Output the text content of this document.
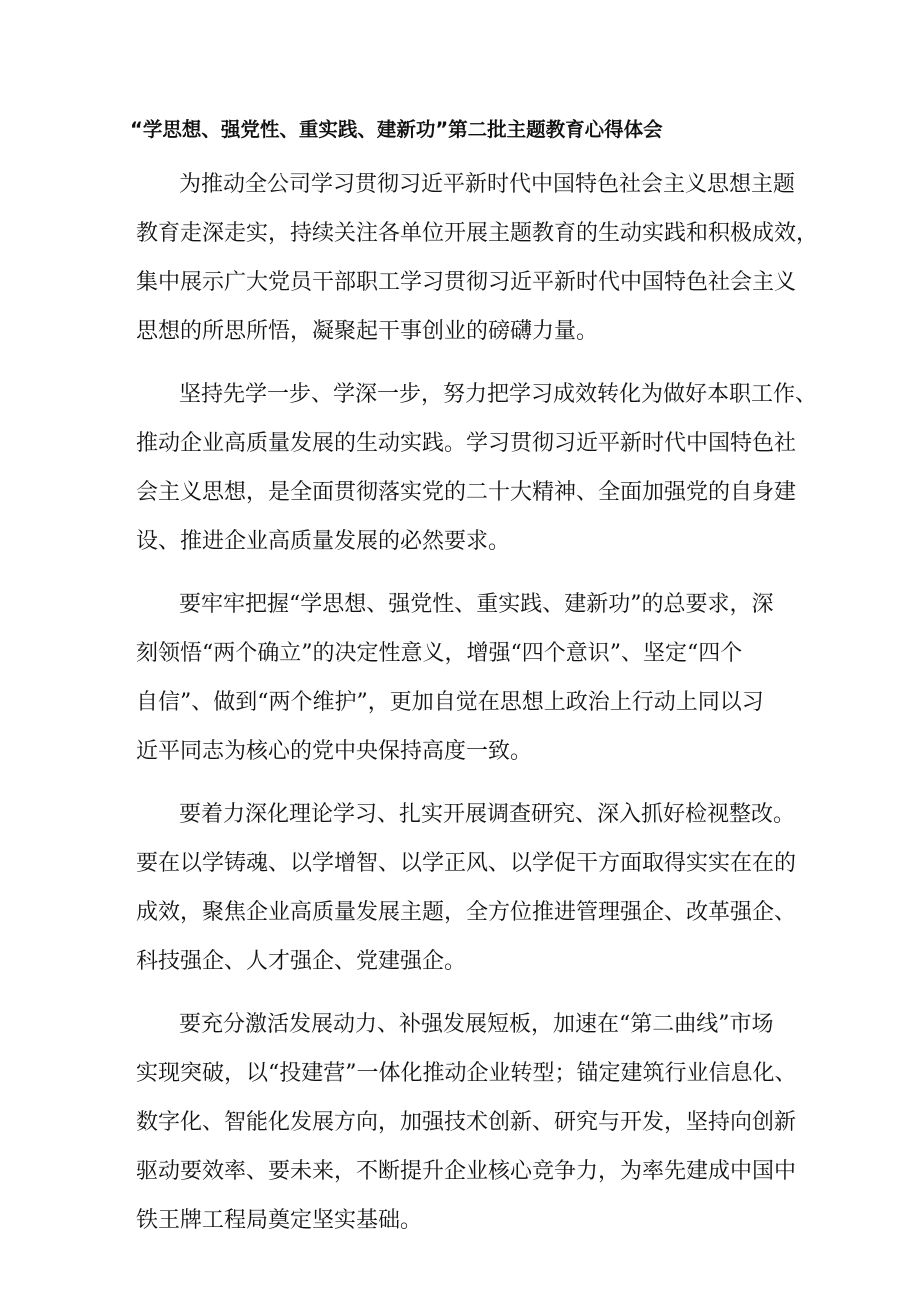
“学思想、强党性、重实践、建新功”第二批主题教育心得体会

为推动全公司学习贯彻习近平新时代中国特色社会主义思想主题
教育走深走实，持续关注各单位开展主题教育的生动实践和积极成效，
集中展示广大党员干部职工学习贯彻习近平新时代中国特色社会主义
思想的所思所悟，凝聚起干事创业的磅礴力量。

坚持先学一步、学深一步，努力把学习成效转化为做好本职工作、
推动企业高质量发展的生动实践。学习贯彻习近平新时代中国特色社
会主义思想，是全面贯彻落实党的二十大精神、全面加强党的自身建
设、推进企业高质量发展的必然要求。

要牢牢把握“学思想、强党性、重实践、建新功”的总要求，深
刻领悟“两个确立”的决定性意义，增强“四个意识”、坚定“四个
自信”、做到“两个维护”，更加自觉在思想上政治上行动上同以习
近平同志为核心的党中央保持高度一致。

要着力深化理论学习、扎实开展调查研究、深入抓好检视整改。
要在以学铸魂、以学增智、以学正风、以学促干方面取得实实在在的
成效，聚焦企业高质量发展主题，全方位推进管理强企、改革强企、
科技强企、人才强企、党建强企。

要充分激活发展动力、补强发展短板，加速在“第二曲线”市场
实现突破，以“投建营”一体化推动企业转型；锚定建筑行业信息化、
数字化、智能化发展方向，加强技术创新、研究与开发，坚持向创新
驱动要效率、要未来，不断提升企业核心竞争力，为率先建成中国中
铁王牌工程局奠定坚实基础。
